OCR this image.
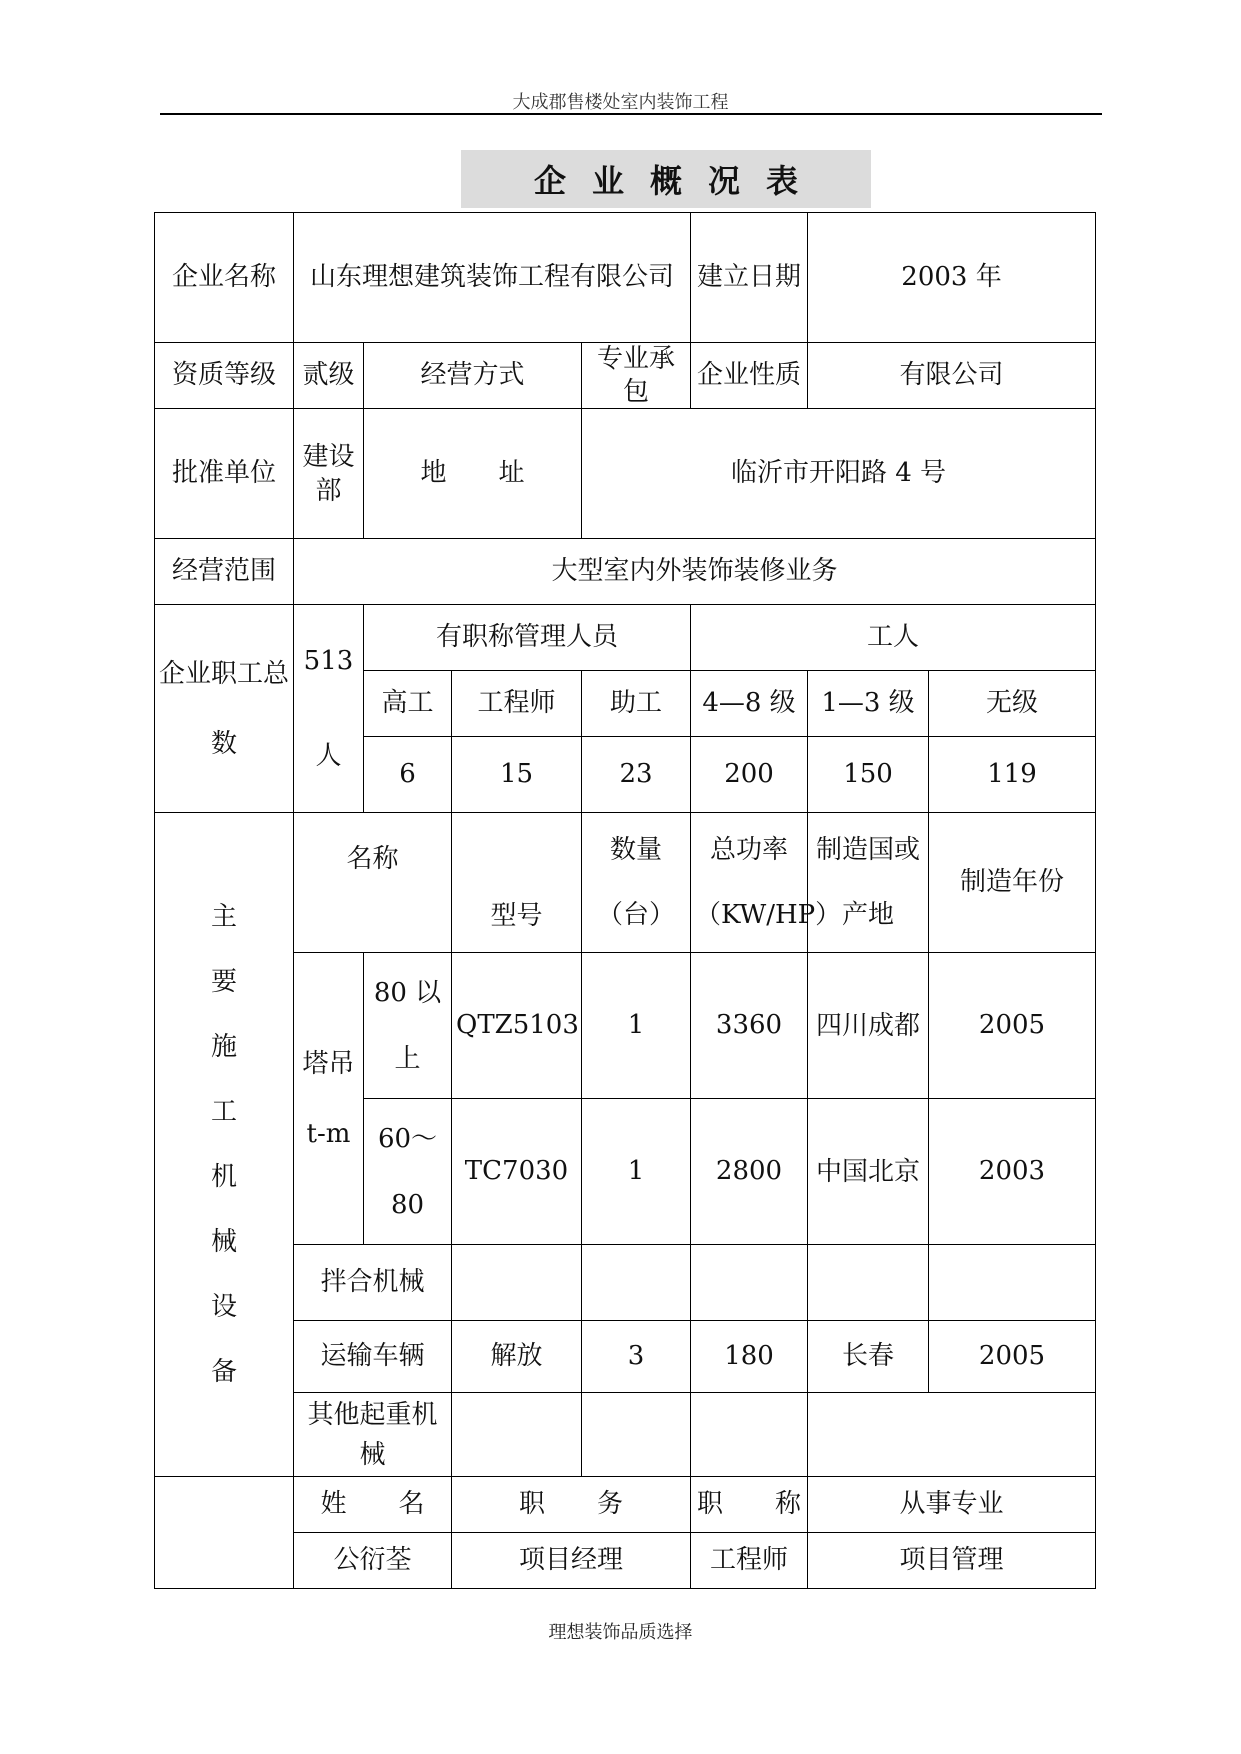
大成郡售楼处室内装饰工程
企业概况表
企业名称	山东理想建筑装饰工程有限公司				建立日期	2003 年	
资质等级	贰级	经营方式		专业承包	企业性质	有限公司	
批准单位	建设部	地　　址		临沂市开阳路 4 号			
经营范围	大型室内外装饰装修业务						
企业职工总数	513 人	有职称管理人员			工人		
		高工	工程师	助工	4—8 级	1—3 级	无级
		6	15	23	200	150	119
主要施工机械设备	名称		型号	数量（台）	总功率（KW/HP）	制造国或产地	制造年份
	塔吊 t-m	80 以上	QTZ5103	1	3360	四川成都	2005
		60～80	TC7030	1	2800	中国北京	2003
	拌合机械						
	运输车辆		解放	3	180	长春	2005
	其他起重机械						
	姓　　名		职　　务		职　　称	从事专业	
	公衍荃		项目经理		工程师	项目管理	
理想装饰品质选择
